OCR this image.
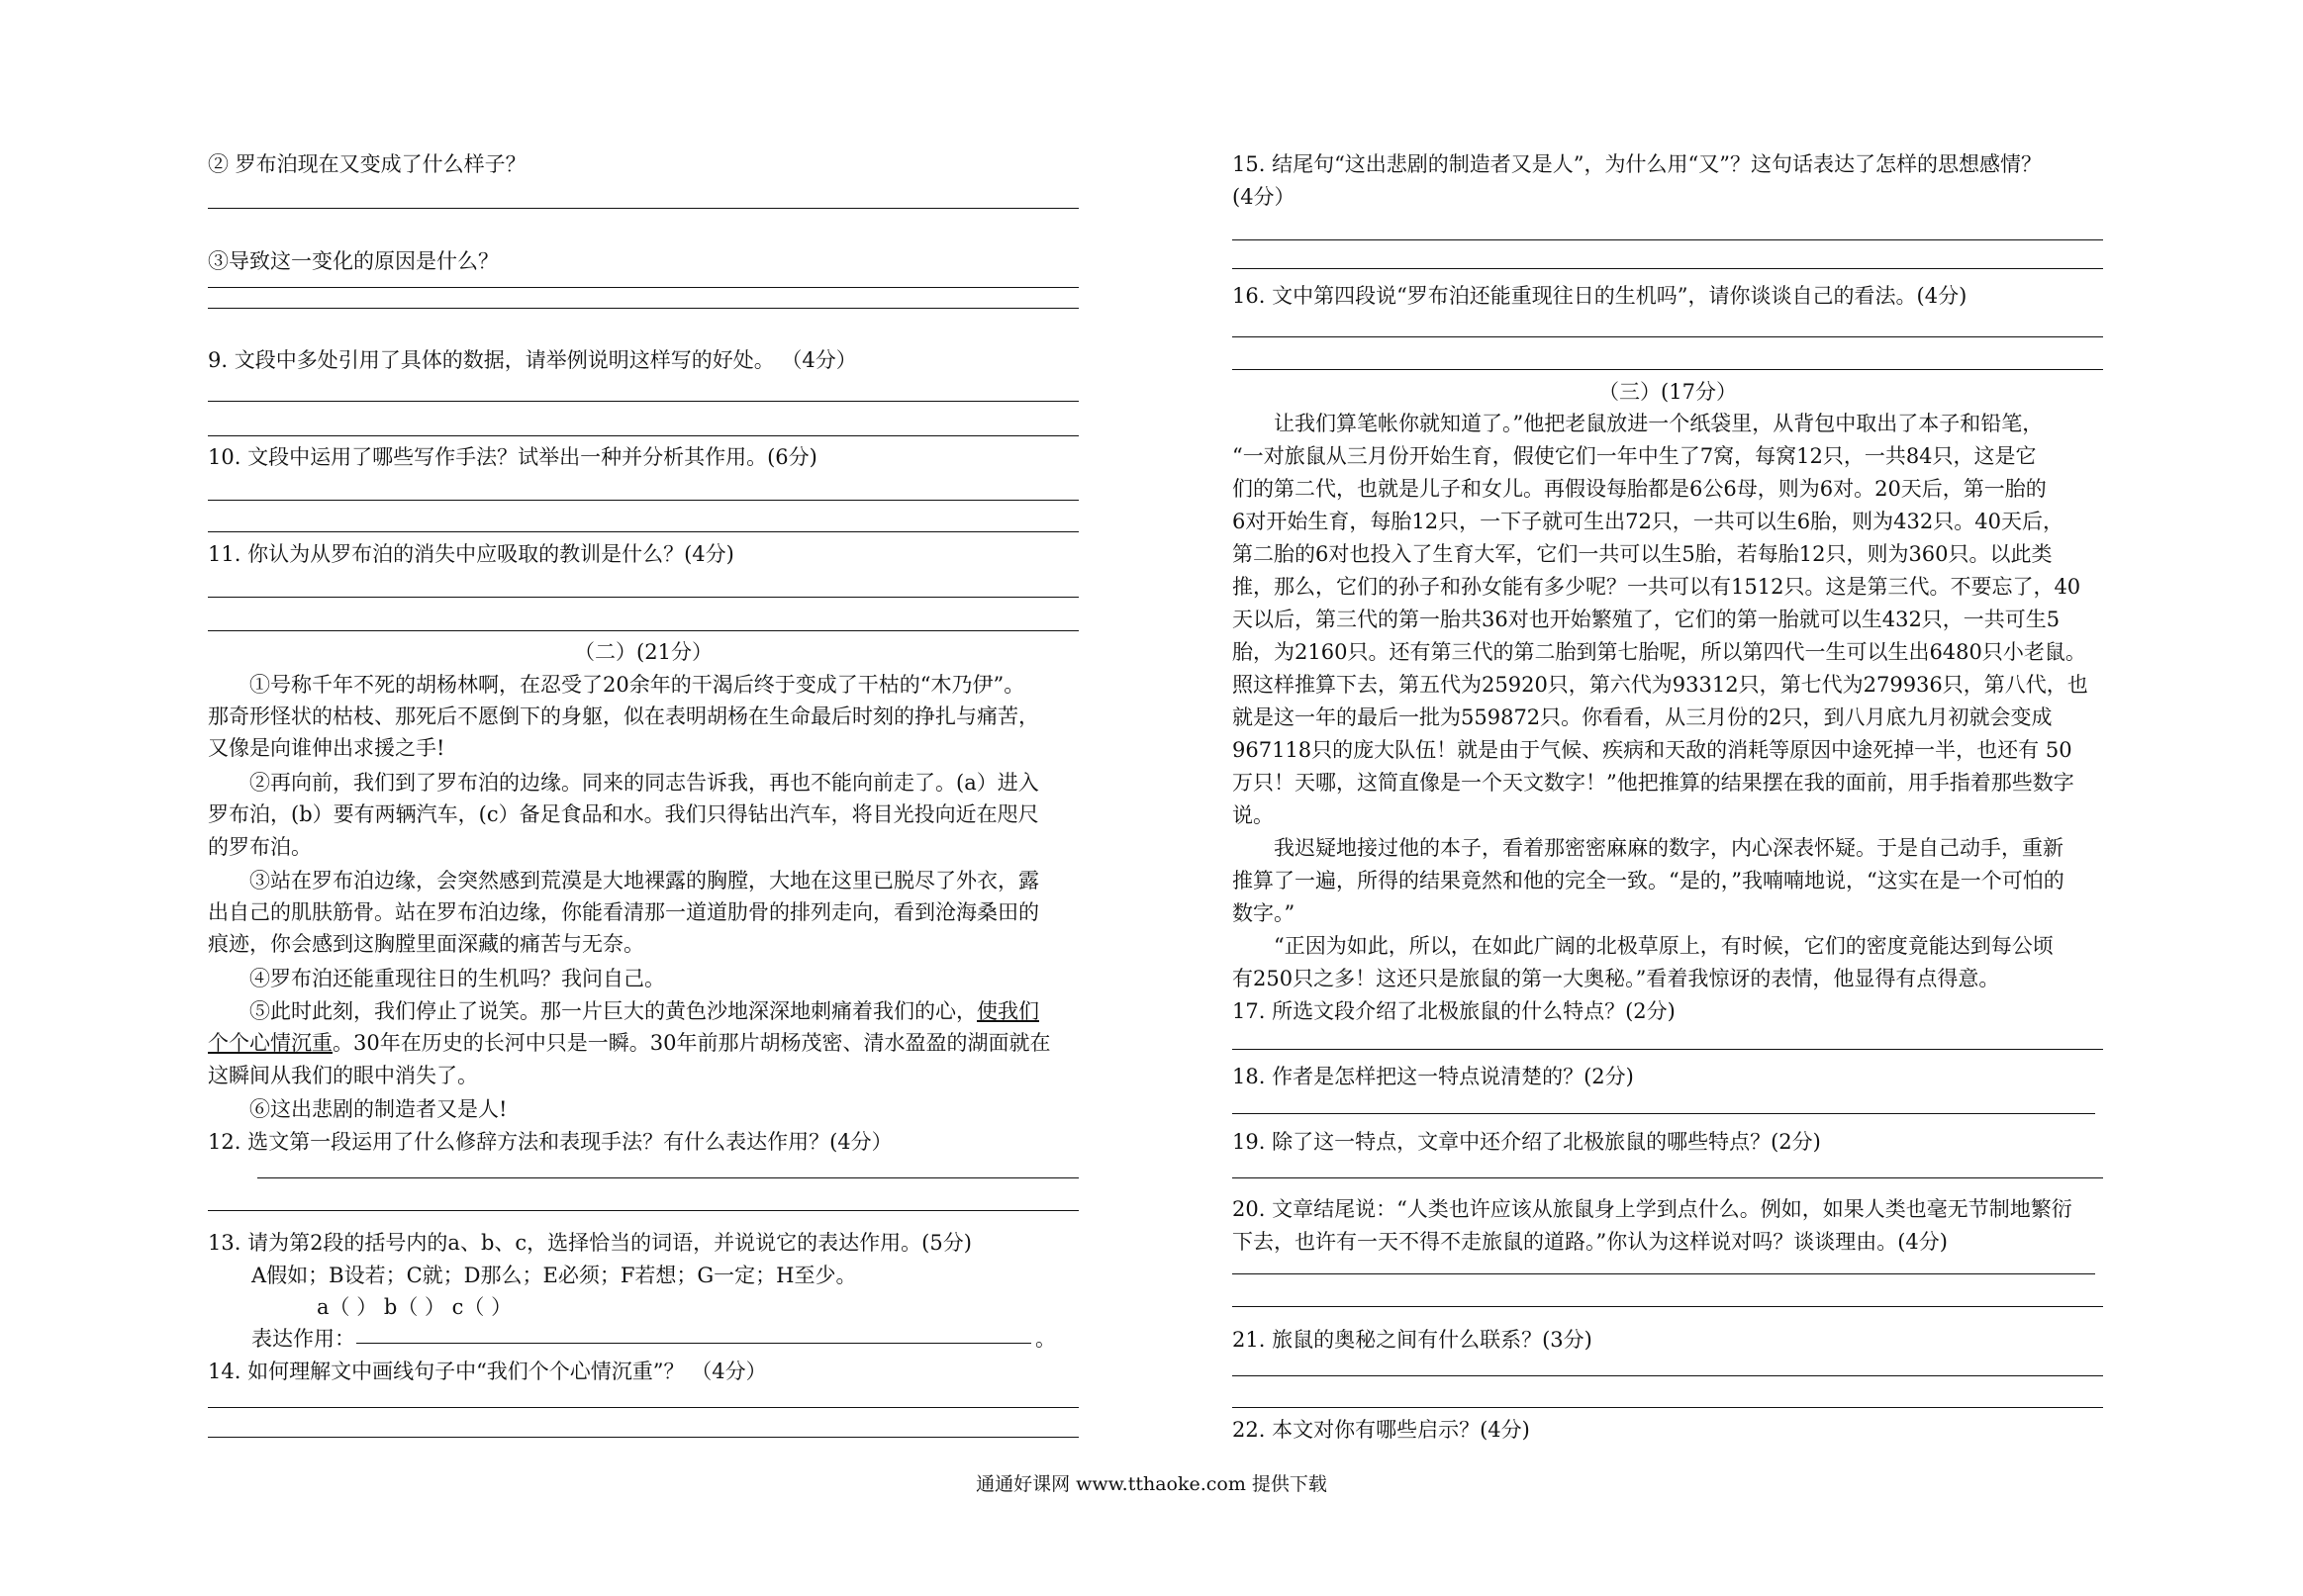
② 罗布泊现在又变成了什么样子？
③导致这一变化的原因是什么？
9. 文段中多处引用了具体的数据，请举例说明这样写的好处。 （4分）
10. 文段中运用了哪些写作手法？试举出一种并分析其作用。(6分)
11. 你认为从罗布泊的消失中应吸取的教训是什么？(4分)
（二）(21分）
①号称千年不死的胡杨林啊，在忍受了20余年的干渴后终于变成了干枯的“木乃伊”。
那奇形怪状的枯枝、那死后不愿倒下的身躯，似在表明胡杨在生命最后时刻的挣扎与痛苦，
又像是向谁伸出求援之手!
②再向前，我们到了罗布泊的边缘。同来的同志告诉我，再也不能向前走了。(a）进入
罗布泊，(b）要有两辆汽车，(c）备足食品和水。我们只得钻出汽车，将目光投向近在咫尺
的罗布泊。
③站在罗布泊边缘，会突然感到荒漠是大地裸露的胸膛，大地在这里已脱尽了外衣，露
出自己的肌肤筋骨。站在罗布泊边缘，你能看清那一道道肋骨的排列走向，看到沧海桑田的
痕迹，你会感到这胸膛里面深藏的痛苦与无奈。
④罗布泊还能重现往日的生机吗？我问自己。
⑤此时此刻，我们停止了说笑。那一片巨大的黄色沙地深深地刺痛着我们的心，使我们
个个心情沉重。30年在历史的长河中只是一瞬。30年前那片胡杨茂密、清水盈盈的湖面就在
这瞬间从我们的眼中消失了。
⑥这出悲剧的制造者又是人!
12. 选文第一段运用了什么修辞方法和表现手法？有什么表达作用？(4分）
13. 请为第2段的括号内的a、b、c，选择恰当的词语，并说说它的表达作用。(5分)
A假如；B设若；C就；D那么；E必须；F若想；G一定；H至少。
a（ ） b（ ） c（ ）
表达作用：	。
14. 如何理解文中画线句子中“我们个个心情沉重”？ （4分）
15. 结尾句“这出悲剧的制造者又是人”，为什么用“又”？这句话表达了怎样的思想感情？
(4分）
16. 文中第四段说“罗布泊还能重现往日的生机吗”，请你谈谈自己的看法。(4分)
（三）(17分）
让我们算笔帐你就知道了。”他把老鼠放进一个纸袋里，从背包中取出了本子和铅笔，
“一对旅鼠从三月份开始生育，假使它们一年中生了7窝，每窝12只，一共84只，这是它
们的第二代，也就是儿子和女儿。再假设每胎都是6公6母，则为6对。20天后，第一胎的
6对开始生育，每胎12只，一下子就可生出72只，一共可以生6胎，则为432只。40天后，
第二胎的6对也投入了生育大军，它们一共可以生5胎，若每胎12只，则为360只。以此类
推，那么，它们的孙子和孙女能有多少呢？一共可以有1512只。这是第三代。不要忘了，40
天以后，第三代的第一胎共36对也开始繁殖了，它们的第一胎就可以生432只，一共可生5
胎，为2160只。还有第三代的第二胎到第七胎呢，所以第四代一生可以生出6480只小老鼠。
照这样推算下去，第五代为25920只，第六代为93312只，第七代为279936只，第八代，也
就是这一年的最后一批为559872只。你看看，从三月份的2只，到八月底九月初就会变成
967118只的庞大队伍！就是由于气候、疾病和天敌的消耗等原因中途死掉一半，也还有 50
万只！天哪，这简直像是一个天文数字！”他把推算的结果摆在我的面前，用手指着那些数字
说。
我迟疑地接过他的本子，看着那密密麻麻的数字，内心深表怀疑。于是自己动手，重新
推算了一遍，所得的结果竟然和他的完全一致。“是的，”我喃喃地说，“这实在是一个可怕的
数字。”
“正因为如此，所以，在如此广阔的北极草原上，有时候，它们的密度竟能达到每公顷
有250只之多！这还只是旅鼠的第一大奥秘。”看着我惊讶的表情，他显得有点得意。
17. 所选文段介绍了北极旅鼠的什么特点？(2分)
18. 作者是怎样把这一特点说清楚的？(2分)
19. 除了这一特点，文章中还介绍了北极旅鼠的哪些特点？(2分)
20. 文章结尾说：“人类也许应该从旅鼠身上学到点什么。例如，如果人类也毫无节制地繁衍
下去，也许有一天不得不走旅鼠的道路。”你认为这样说对吗？谈谈理由。(4分)
21. 旅鼠的奥秘之间有什么联系？(3分)
22. 本文对你有哪些启示？(4分)
通通好课网 www.tthaoke.com 提供下载
